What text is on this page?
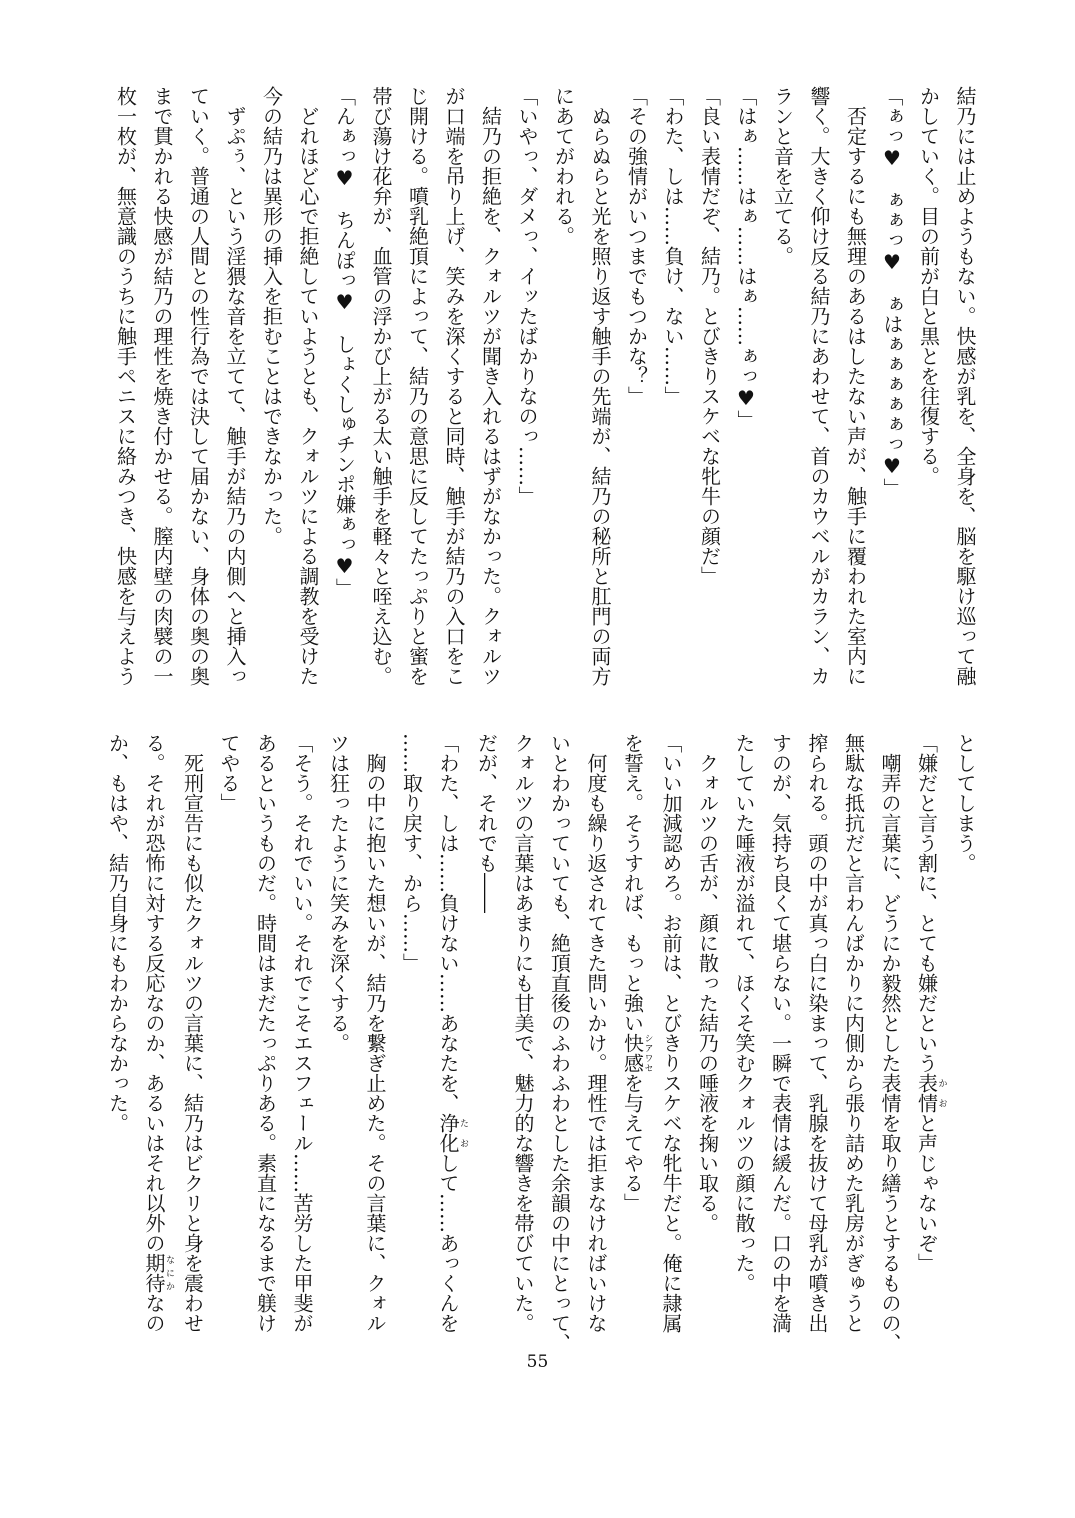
結乃には止めようもない。快感が乳を、全身を、脳を駆け巡って融
かしていく。目の前が白と黒とを往復する。
「ぁっ♥　ぁぁっ♥　ぁはぁぁぁぁぁっ♥」
　否定するにも無理のあるはしたない声が、触手に覆われた室内に
響く。大きく仰け反る結乃にあわせて、首のカウベルがカラン、カ
ランと音を立てる。
「はぁ……はぁ……はぁ……ぁっ♥」
「良い表情だぞ、結乃。とびきりスケベな牝牛の顔だ」
「わた、しは……負け、ない……」
「その強情がいつまでもつかな？」
　ぬらぬらと光を照り返す触手の先端が、結乃の秘所と肛門の両方
にあてがわれる。
「いやっ、ダメっ、イッたばかりなのっ……」
　結乃の拒絶を、クォルツが聞き入れるはずがなかった。クォルツ
が口端を吊り上げ、笑みを深くすると同時、触手が結乃の入口をこ
じ開ける。噴乳絶頂によって、結乃の意思に反してたっぷりと蜜を
帯び蕩け花弁が、血管の浮かび上がる太い触手を軽々と咥え込む。
「んぁっ♥　ちんぽっ♥　しょくしゅチンポ嫌ぁっ♥」
　どれほど心で拒絶していようとも、クォルツによる調教を受けた
今の結乃は異形の挿入を拒むことはできなかった。
　ずぷぅ、という淫猥な音を立てて、触手が結乃の内側へと挿入っ
ていく。普通の人間との性行為では決して届かない、身体の奥の奥
まで貫かれる快感が結乃の理性を焼き付かせる。膣内壁の肉襞の一
枚一枚が、無意識のうちに触手ペニスに絡みつき、快感を与えよう
としてしまう。
「嫌だと言う割に、とても嫌だという表情かおと声じゃないぞ」
　嘲弄の言葉に、どうにか毅然とした表情を取り繕うとするものの、
無駄な抵抗だと言わんばかりに内側から張り詰めた乳房がぎゅうと
搾られる。頭の中が真っ白に染まって、乳腺を抜けて母乳が噴き出
すのが、気持ち良くて堪らない。一瞬で表情は緩んだ。口の中を満
たしていた唾液が溢れて、ほくそ笑むクォルツの顔に散った。
　クォルツの舌が、顔に散った結乃の唾液を掬い取る。
「いい加減認めろ。お前は、とびきりスケベな牝牛だと。俺に隷属
を誓え。そうすれば、もっと強い快感シアワセを与えてやる」
　何度も繰り返されてきた問いかけ。理性では拒まなければいけな
いとわかっていても、絶頂直後のふわふわとした余韻の中にとって、
クォルツの言葉はあまりにも甘美で、魅力的な響きを帯びていた。
だが、それでも――
「わた、しは……負けない……あなたを、浄化たおして……あっくんを
……取り戻す、から……」
　胸の中に抱いた想いが、結乃を繋ぎ止めた。その言葉に、クォル
ツは狂ったように笑みを深くする。
「そう。それでいい。それでこそエスフェール……苦労した甲斐が
あるというものだ。時間はまだたっぷりある。素直になるまで躾け
てやる」
　死刑宣告にも似たクォルツの言葉に、結乃はビクリと身を震わせ
る。それが恐怖に対する反応なのか、あるいはそれ以外の期待なにかなの
か、もはや、結乃自身にもわからなかった。
55
